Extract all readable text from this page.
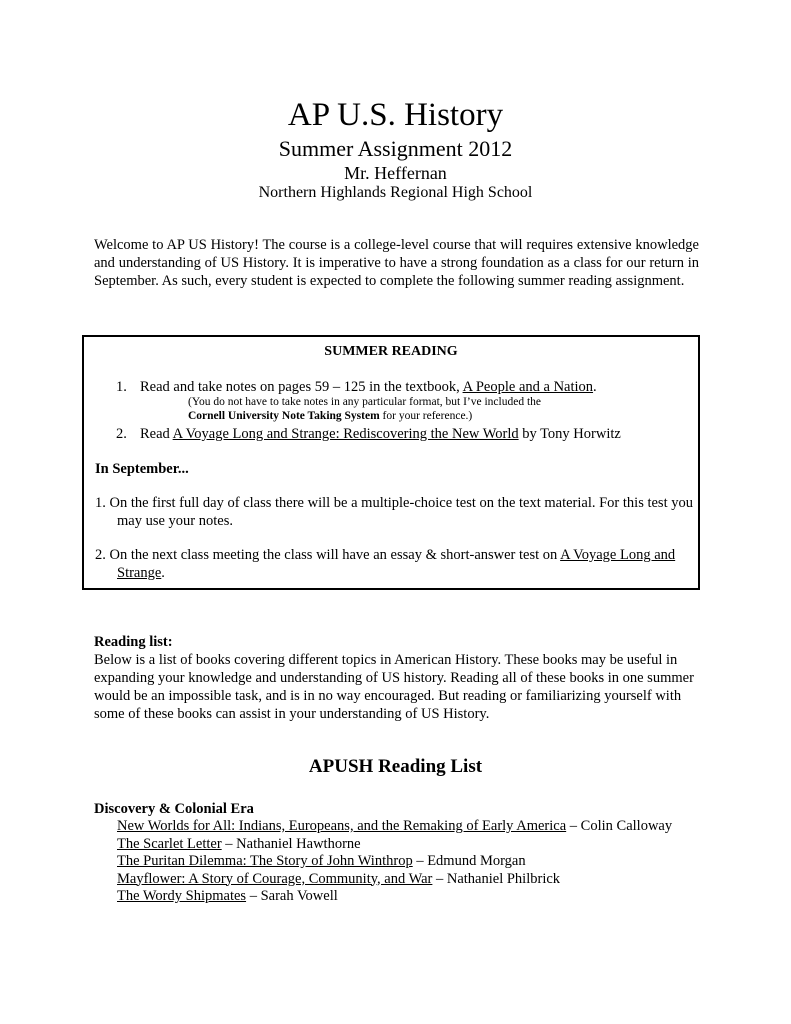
AP U.S. History
Summer Assignment 2012
Mr. Heffernan
Northern Highlands Regional High School
Welcome to AP US History! The course is a college-level course that will requires extensive knowledge and understanding of US History. It is imperative to have a strong foundation as a class for our return in September. As such, every student is expected to complete the following summer reading assignment.
SUMMER READING
1. Read and take notes on pages 59 – 125 in the textbook, A People and a Nation.
(You do not have to take notes in any particular format, but I’ve included the
Cornell University Note Taking System for your reference.)
2. Read A Voyage Long and Strange: Rediscovering the New World by Tony Horwitz
In September...
1. On the first full day of class there will be a multiple-choice test on the text material. For this test you may use your notes.
2. On the next class meeting the class will have an essay & short-answer test on A Voyage Long and Strange.
Reading list:
Below is a list of books covering different topics in American History. These books may be useful in expanding your knowledge and understanding of US history. Reading all of these books in one summer would be an impossible task, and is in no way encouraged. But reading or familiarizing yourself with some of these books can assist in your understanding of US History.
APUSH Reading List
Discovery & Colonial Era
New Worlds for All: Indians, Europeans, and the Remaking of Early America – Colin Calloway
The Scarlet Letter – Nathaniel Hawthorne
The Puritan Dilemma: The Story of John Winthrop – Edmund Morgan
Mayflower: A Story of Courage, Community, and War – Nathaniel Philbrick
The Wordy Shipmates – Sarah Vowell
